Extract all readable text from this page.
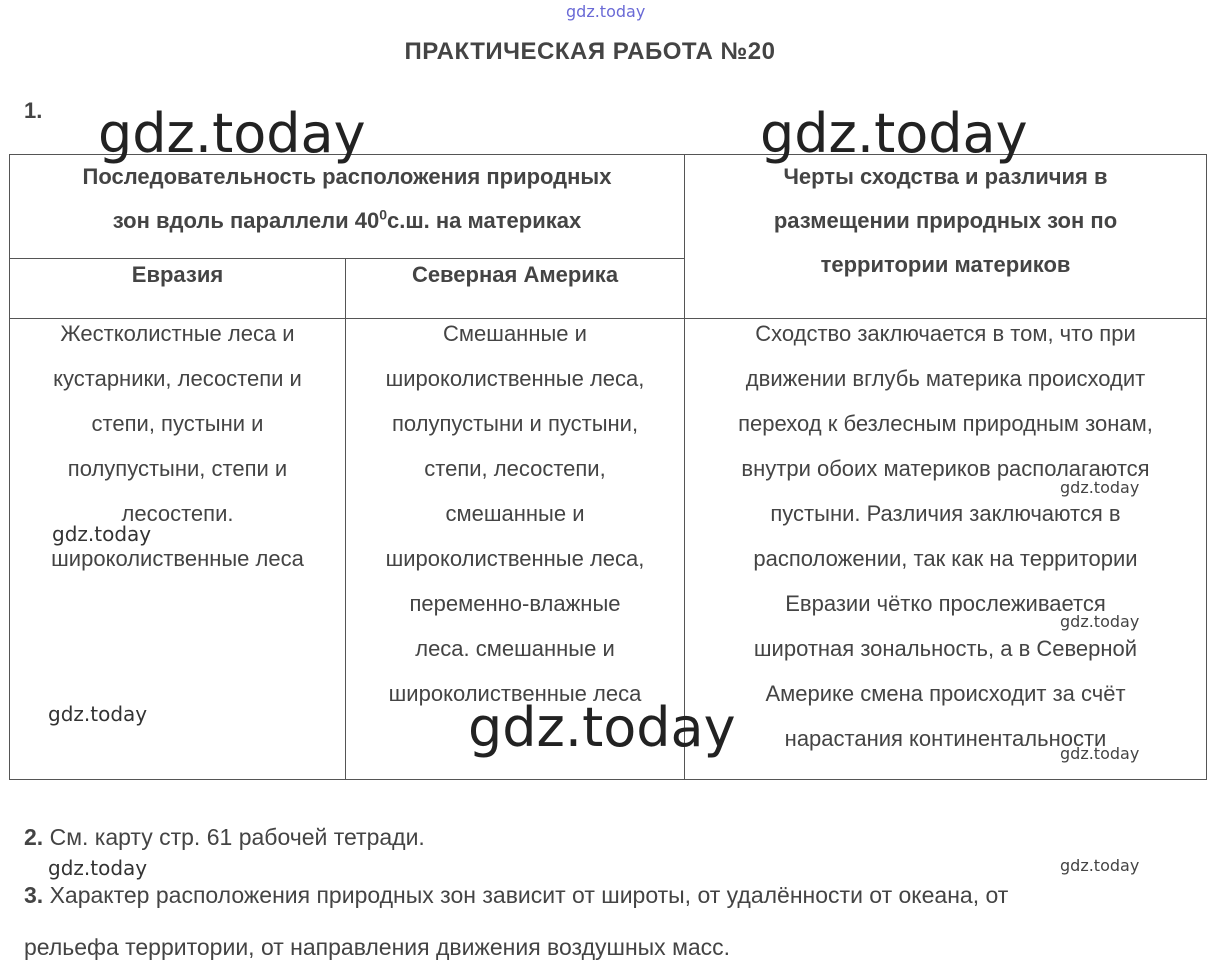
gdz.today
ПРАКТИЧЕСКАЯ РАБОТА №20
1.
Последовательность расположения природных
зон вдоль параллели $40^0с.ш$. на материках
Черты сходства и различия в
размещении природных зон по
территории материков
Евразия	Северная Америка
Жестколистные леса и
кустарники, лесостепи и
степи, пустыни и
полупустыни, степи и
лесостепи.
широколиственные леса
Смешанные и
широколиственные леса,
полупустыни и пустыни,
степи, лесостепи,
смешанные и
широколиственные леса,
переменно-влажные
леса. смешанные и
широколиственные леса
Сходство заключается в том, что при
движении вглубь материка происходит
переход к безлесным природным зонам,
внутри обоих материков располагаются
пустыни. Различия заключаются в
расположении, так как на территории
Евразии чётко прослеживается
широтная зональность, а в Северной
Америке смена происходит за счёт
нарастания континентальности
gdz.today	gdz.today
gdz.today
gdz.today
gdz.today
gdz.today
gdz.today
gdz.today
gdz.today
gdz.today
2. См. карту стр. 61 рабочей тетради.
3. Характер расположения природных зон зависит от широты, от удалённости от океана, от
рельефа территории, от направления движения воздушных масс.
